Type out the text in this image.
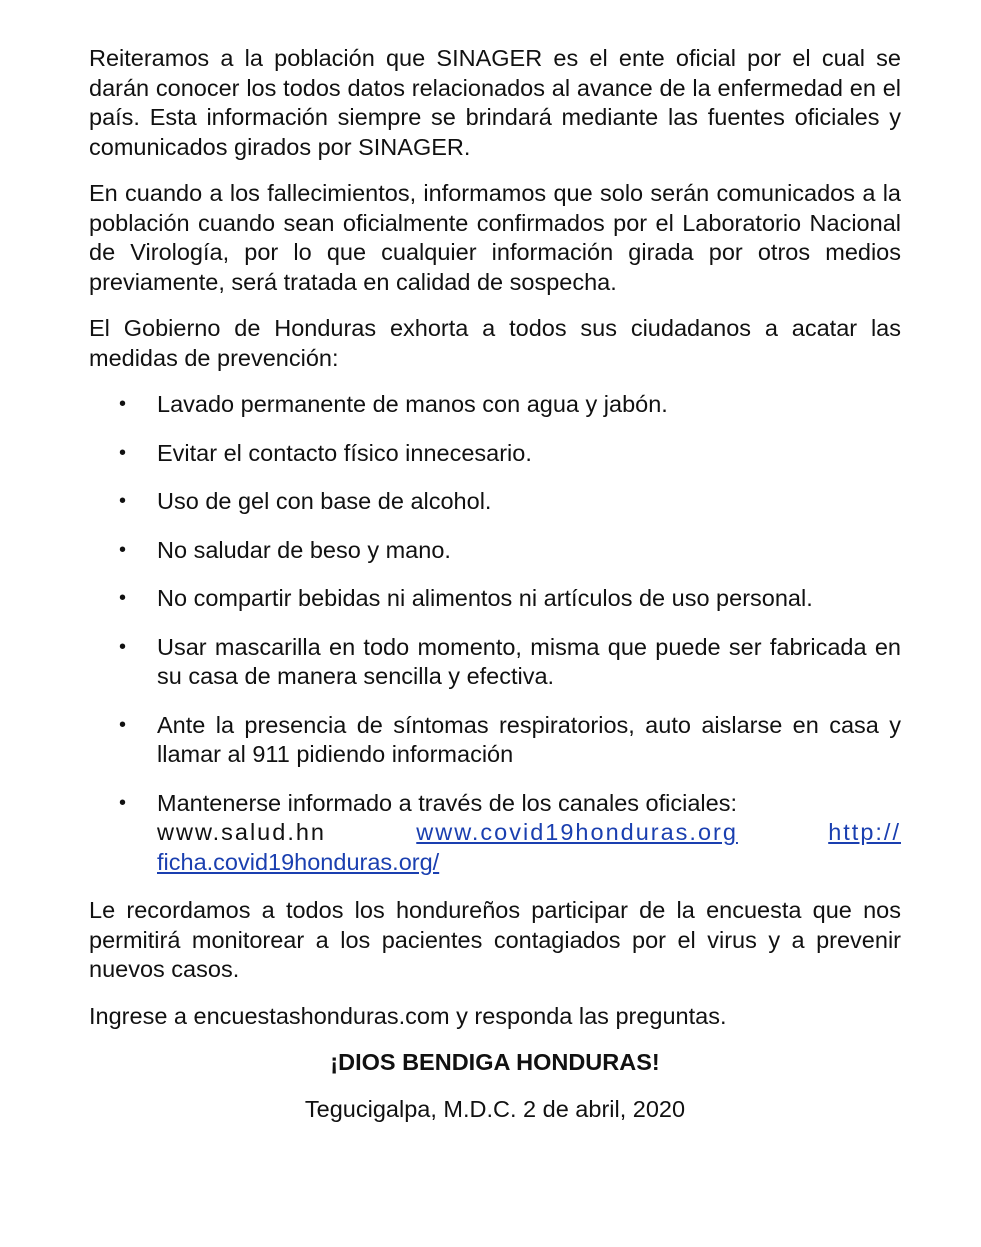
Reiteramos a la población que SINAGER es el ente oficial por el cual se darán conocer los todos datos relacionados al avance de la enfermedad en el país. Esta información siempre se brindará mediante las fuentes oficiales y comunicados girados por SINAGER.

En cuando a los fallecimientos, informamos que solo serán comunicados a la población cuando sean oficialmente confirmados por el Laboratorio Nacional de Virología, por lo que cualquier información girada por otros medios previamente, será tratada en calidad de sospecha.

El Gobierno de Honduras exhorta a todos sus ciudadanos a acatar las medidas de prevención:

• Lavado permanente de manos con agua y jabón.
• Evitar el contacto físico innecesario.
• Uso de gel con base de alcohol.
• No saludar de beso y mano.
• No compartir bebidas ni alimentos ni artículos de uso personal.
• Usar mascarilla en todo momento, misma que puede ser fabricada en su casa de manera sencilla y efectiva.
• Ante la presencia de síntomas respiratorios, auto aislarse en casa y llamar al 911 pidiendo información
• Mantenerse informado a través de los canales oficiales:
www.salud.hn	www.covid19honduras.org	http://
ficha.covid19honduras.org/

Le recordamos a todos los hondureños participar de la encuesta que nos permitirá monitorear a los pacientes contagiados por el virus y a prevenir nuevos casos.

Ingrese a encuestashonduras.com y responda las preguntas.

¡DIOS BENDIGA HONDURAS!

Tegucigalpa, M.D.C. 2 de abril, 2020
